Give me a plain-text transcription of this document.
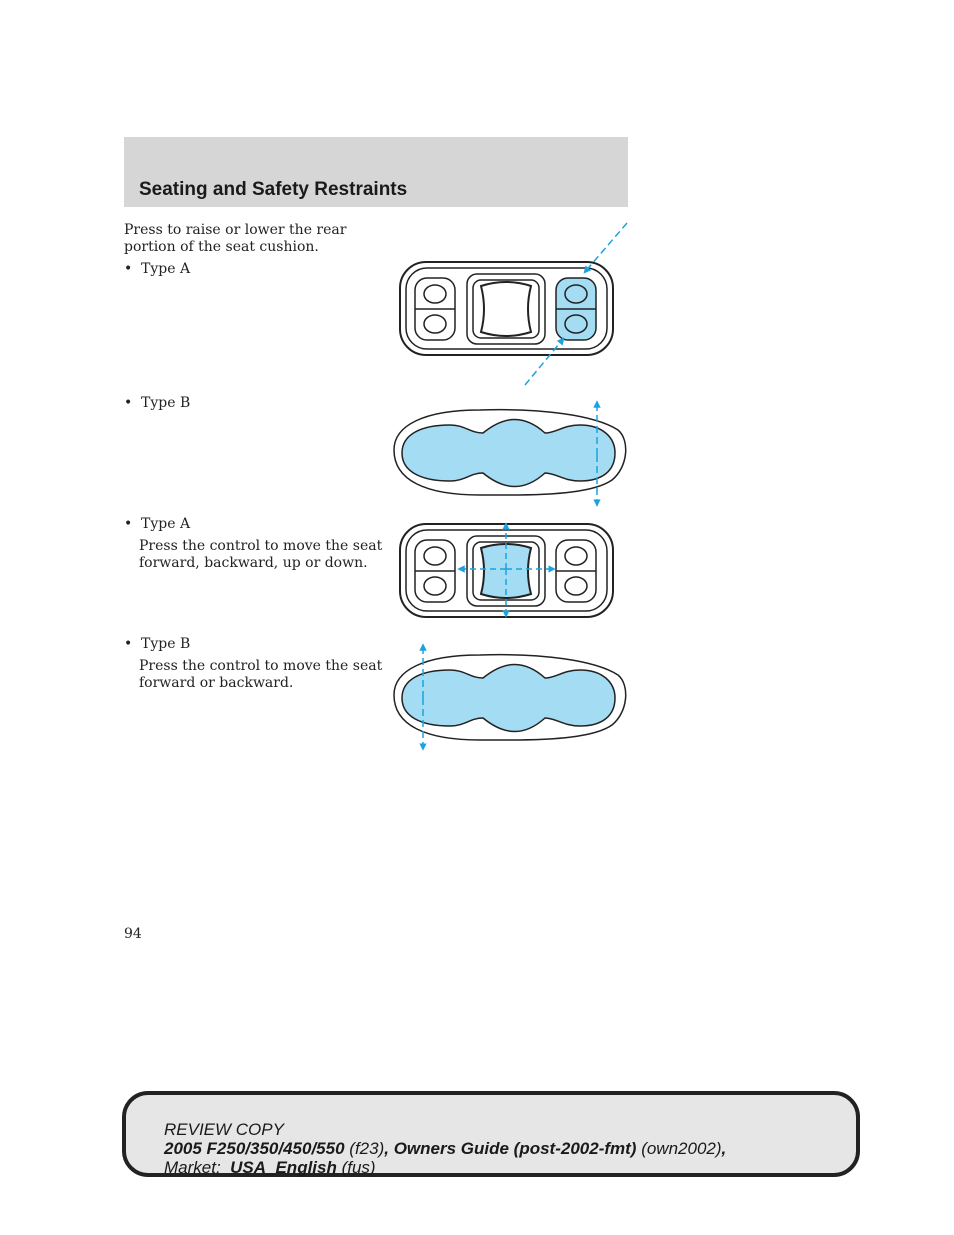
Seating and Safety Restraints
Press to raise or lower the rear
portion of the seat cushion.
• Type A
• Type B
• Type A
Press the control to move the seat
forward, backward, up or down.
• Type B
Press the control to move the seat
forward or backward.
94
REVIEW COPY
2005 F250/350/450/550 (f23), Owners Guide (post-2002-fmt) (own2002),
Market:  USA_English (fus)
